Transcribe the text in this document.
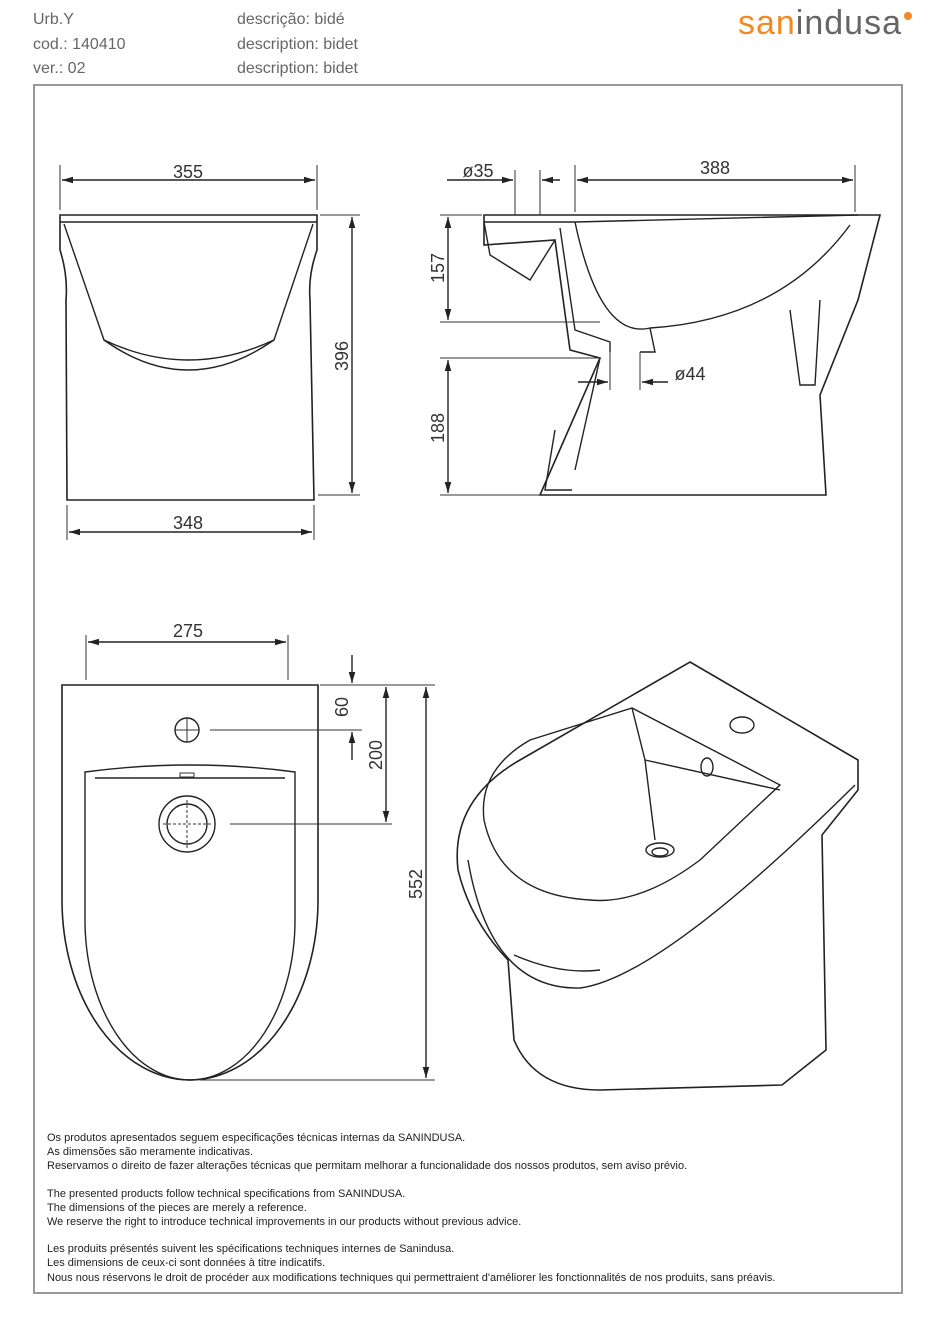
Urb.Y
cod.: 140410
ver.: 02
descrição: bidé
description: bidet
description: bidet
sanindusa
355
348
396
388
ø35
157
188
ø44
275
60
200
552

Os produtos apresentados seguem especificações técnicas internas da SANINDUSA.
As dimensões são meramente indicativas.
Reservamos o direito de fazer alterações técnicas que permitam melhorar a funcionalidade dos nossos produtos, sem aviso prévio.

The presented products follow technical specifications from SANINDUSA.
The dimensions of the pieces are merely a reference.
We reserve the right to introduce technical improvements in our products without previous advice.

Les produits présentés suivent les spécifications techniques internes de Sanindusa.
Les dimensions de ceux-ci sont données à titre indicatifs.
Nous nous réservons le droit de procéder aux modifications techniques qui permettraient d'améliorer les fonctionnalités de nos produits, sans préavis.
